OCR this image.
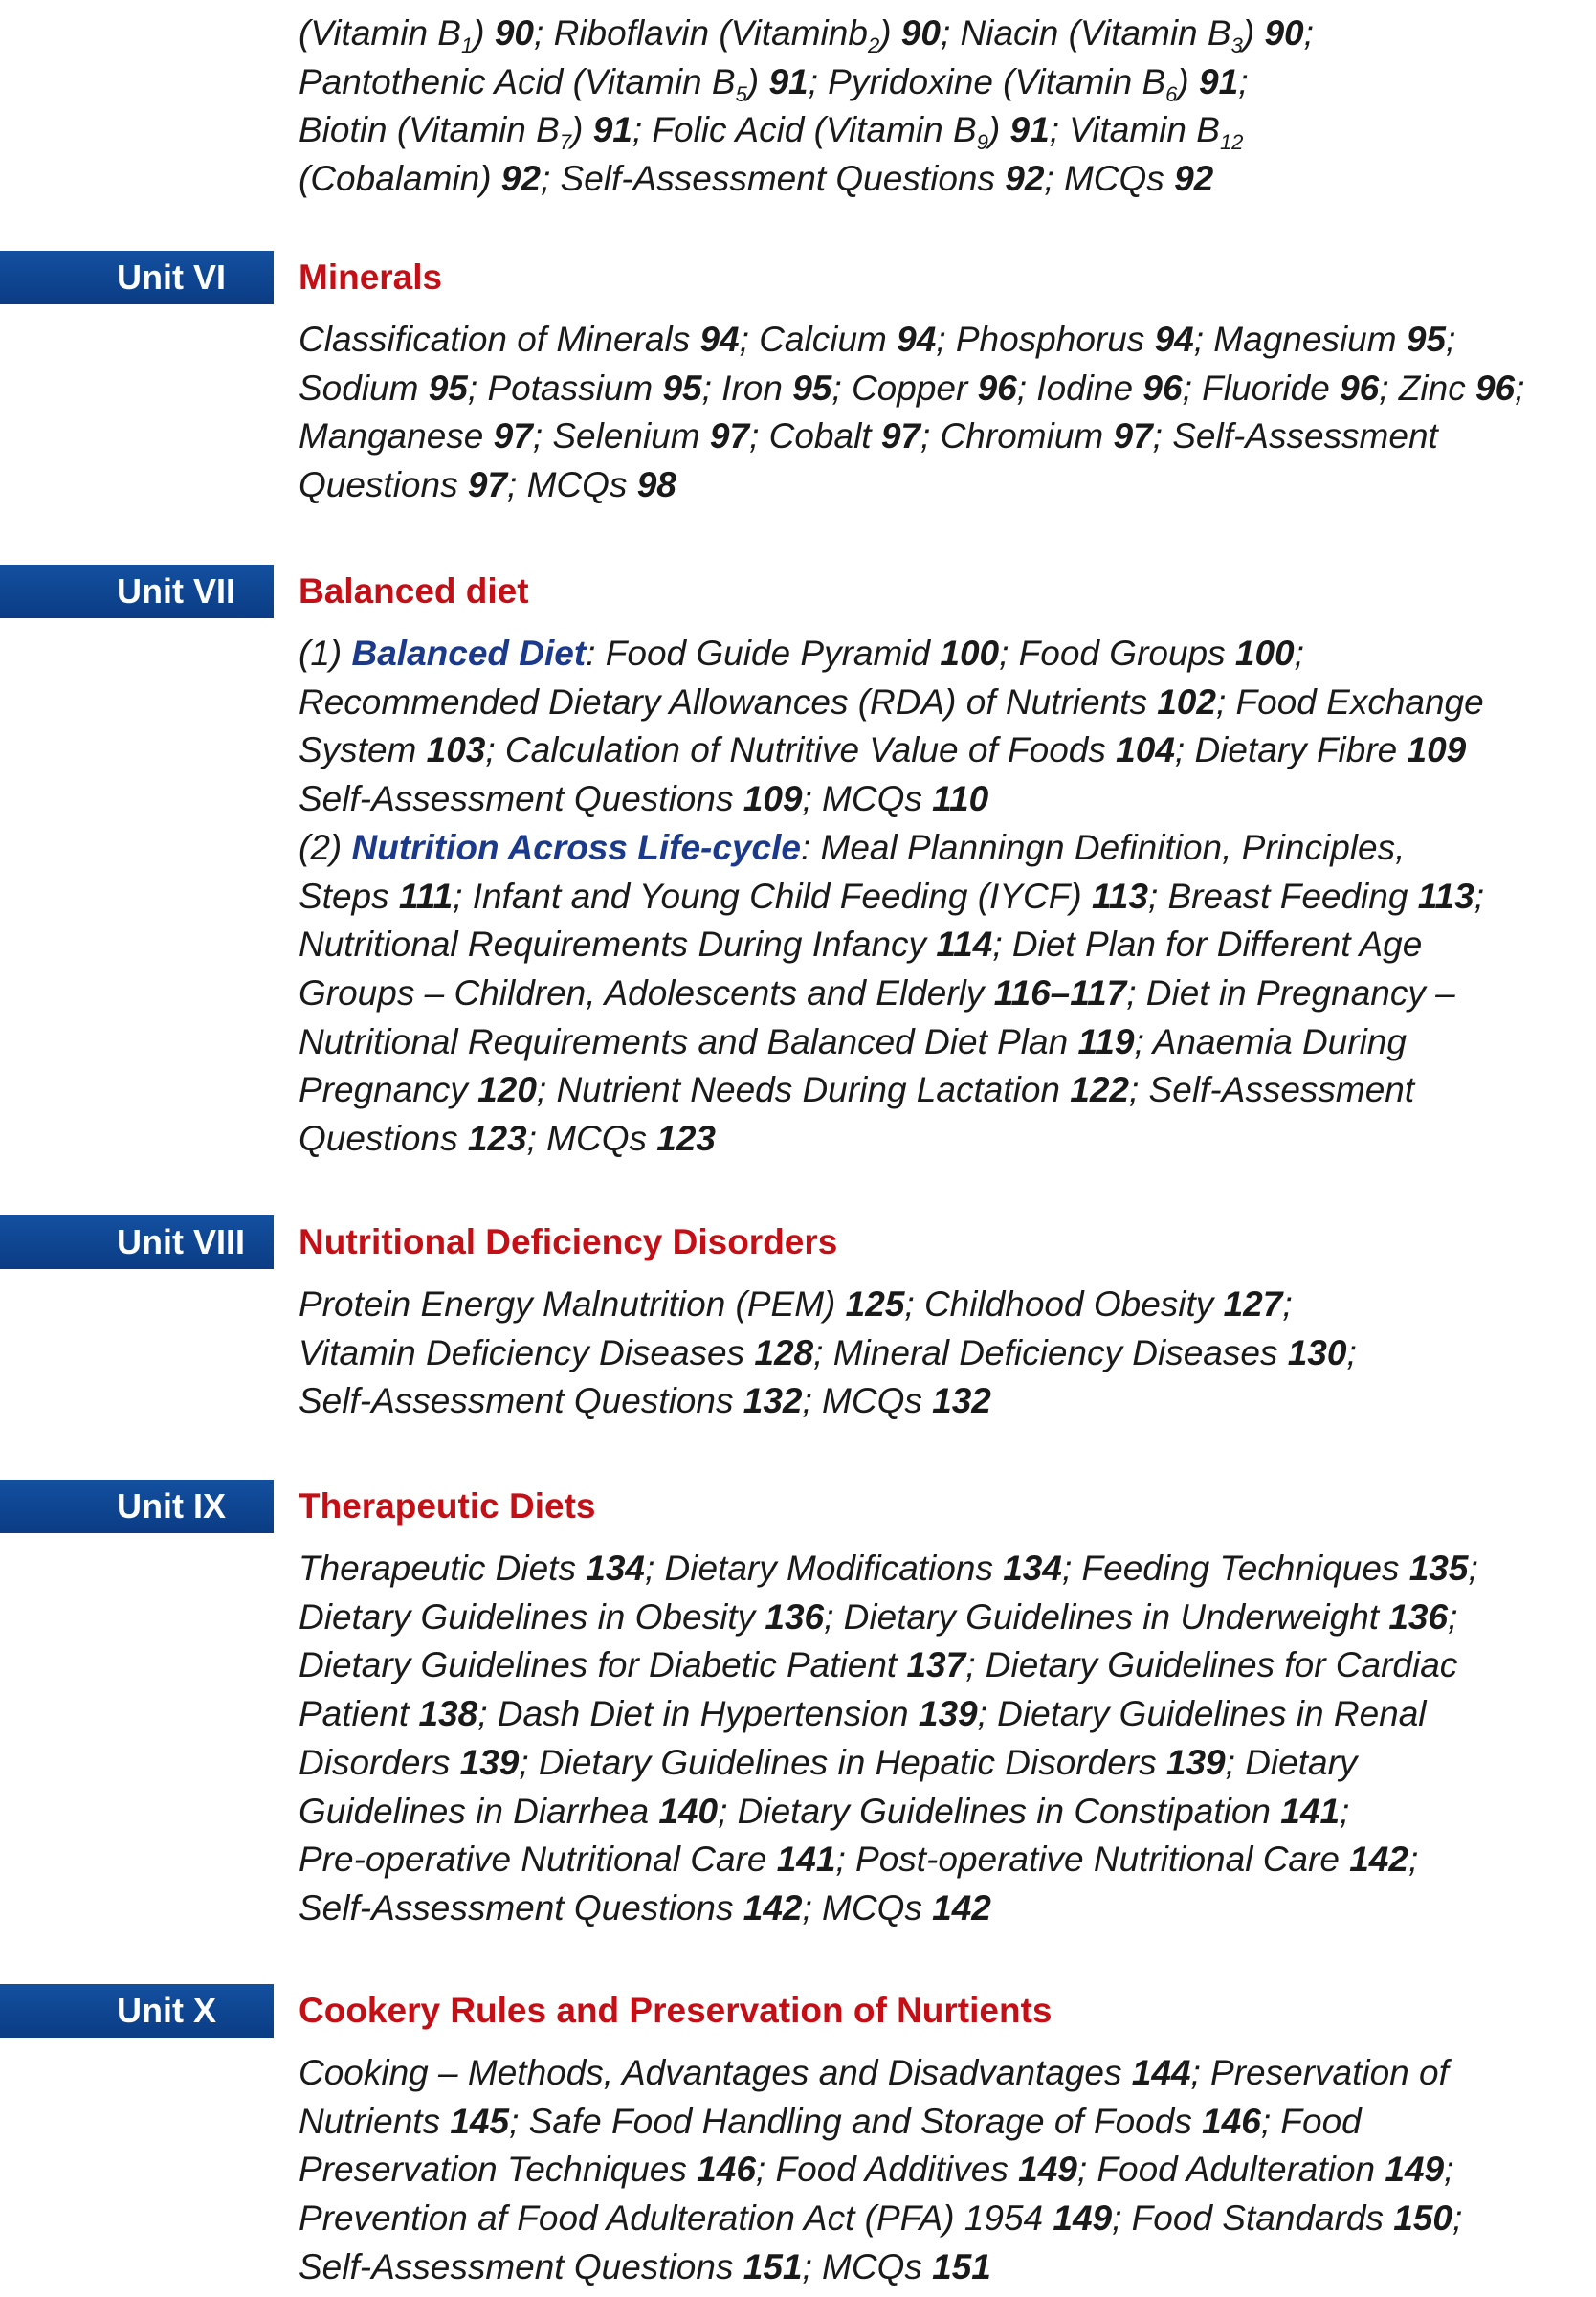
(Vitamin $B_1$) 90; Riboflavin (Vitaminb$_2$) 90; Niacin (Vitamin $B_3$) 90;

Pantothenic Acid (Vitamin $B_5$) 91; Pyridoxine (Vitamin $B_6$) 91;

Biotin (Vitamin $B_7$) 91; Folic Acid (Vitamin $B_9$) 91; Vitamin $B_{12}$

(Cobalamin) 92; Self-Assessment Questions 92; MCQs 92

Unit VI	Minerals

Classification of Minerals 94; Calcium 94; Phosphorus 94; Magnesium 95;

Sodium 95; Potassium 95; Iron 95; Copper 96; Iodine 96; Fluoride 96; Zinc 96;

Manganese 97; Selenium 97; Cobalt 97; Chromium 97; Self-Assessment

Questions 97; MCQs 98

Unit VII	Balanced diet

(1) Balanced Diet: Food Guide Pyramid 100; Food Groups 100;

Recommended Dietary Allowances (RDA) of Nutrients 102; Food Exchange

System 103; Calculation of Nutritive Value of Foods 104; Dietary Fibre 109

Self-Assessment Questions 109; MCQs 110

(2) Nutrition Across Life-cycle: Meal Planningn Definition, Principles,

Steps 111; Infant and Young Child Feeding (IYCF) 113; Breast Feeding 113;

Nutritional Requirements During Infancy 114; Diet Plan for Different Age

Groups – Children, Adolescents and Elderly 116–117; Diet in Pregnancy –

Nutritional Requirements and Balanced Diet Plan 119; Anaemia During

Pregnancy 120; Nutrient Needs During Lactation 122; Self-Assessment

Questions 123; MCQs 123

Unit VIII	Nutritional Deficiency Disorders

Protein Energy Malnutrition (PEM) 125; Childhood Obesity 127;

Vitamin Deficiency Diseases 128; Mineral Deficiency Diseases 130;

Self-Assessment Questions 132; MCQs 132

Unit IX	Therapeutic Diets

Therapeutic Diets 134; Dietary Modifications 134; Feeding Techniques 135;

Dietary Guidelines in Obesity 136; Dietary Guidelines in Underweight 136;

Dietary Guidelines for Diabetic Patient 137; Dietary Guidelines for Cardiac

Patient 138; Dash Diet in Hypertension 139; Dietary Guidelines in Renal

Disorders 139; Dietary Guidelines in Hepatic Disorders 139; Dietary

Guidelines in Diarrhea 140; Dietary Guidelines in Constipation 141;

Pre-operative Nutritional Care 141; Post-operative Nutritional Care 142;

Self-Assessment Questions 142; MCQs 142

Unit X	Cookery Rules and Preservation of Nurtients

Cooking – Methods, Advantages and Disadvantages 144; Preservation of

Nutrients 145; Safe Food Handling and Storage of Foods 146; Food

Preservation Techniques 146; Food Additives 149; Food Adulteration 149;

Prevention af Food Adulteration Act (PFA) 1954 149; Food Standards 150;

Self-Assessment Questions 151; MCQs 151
